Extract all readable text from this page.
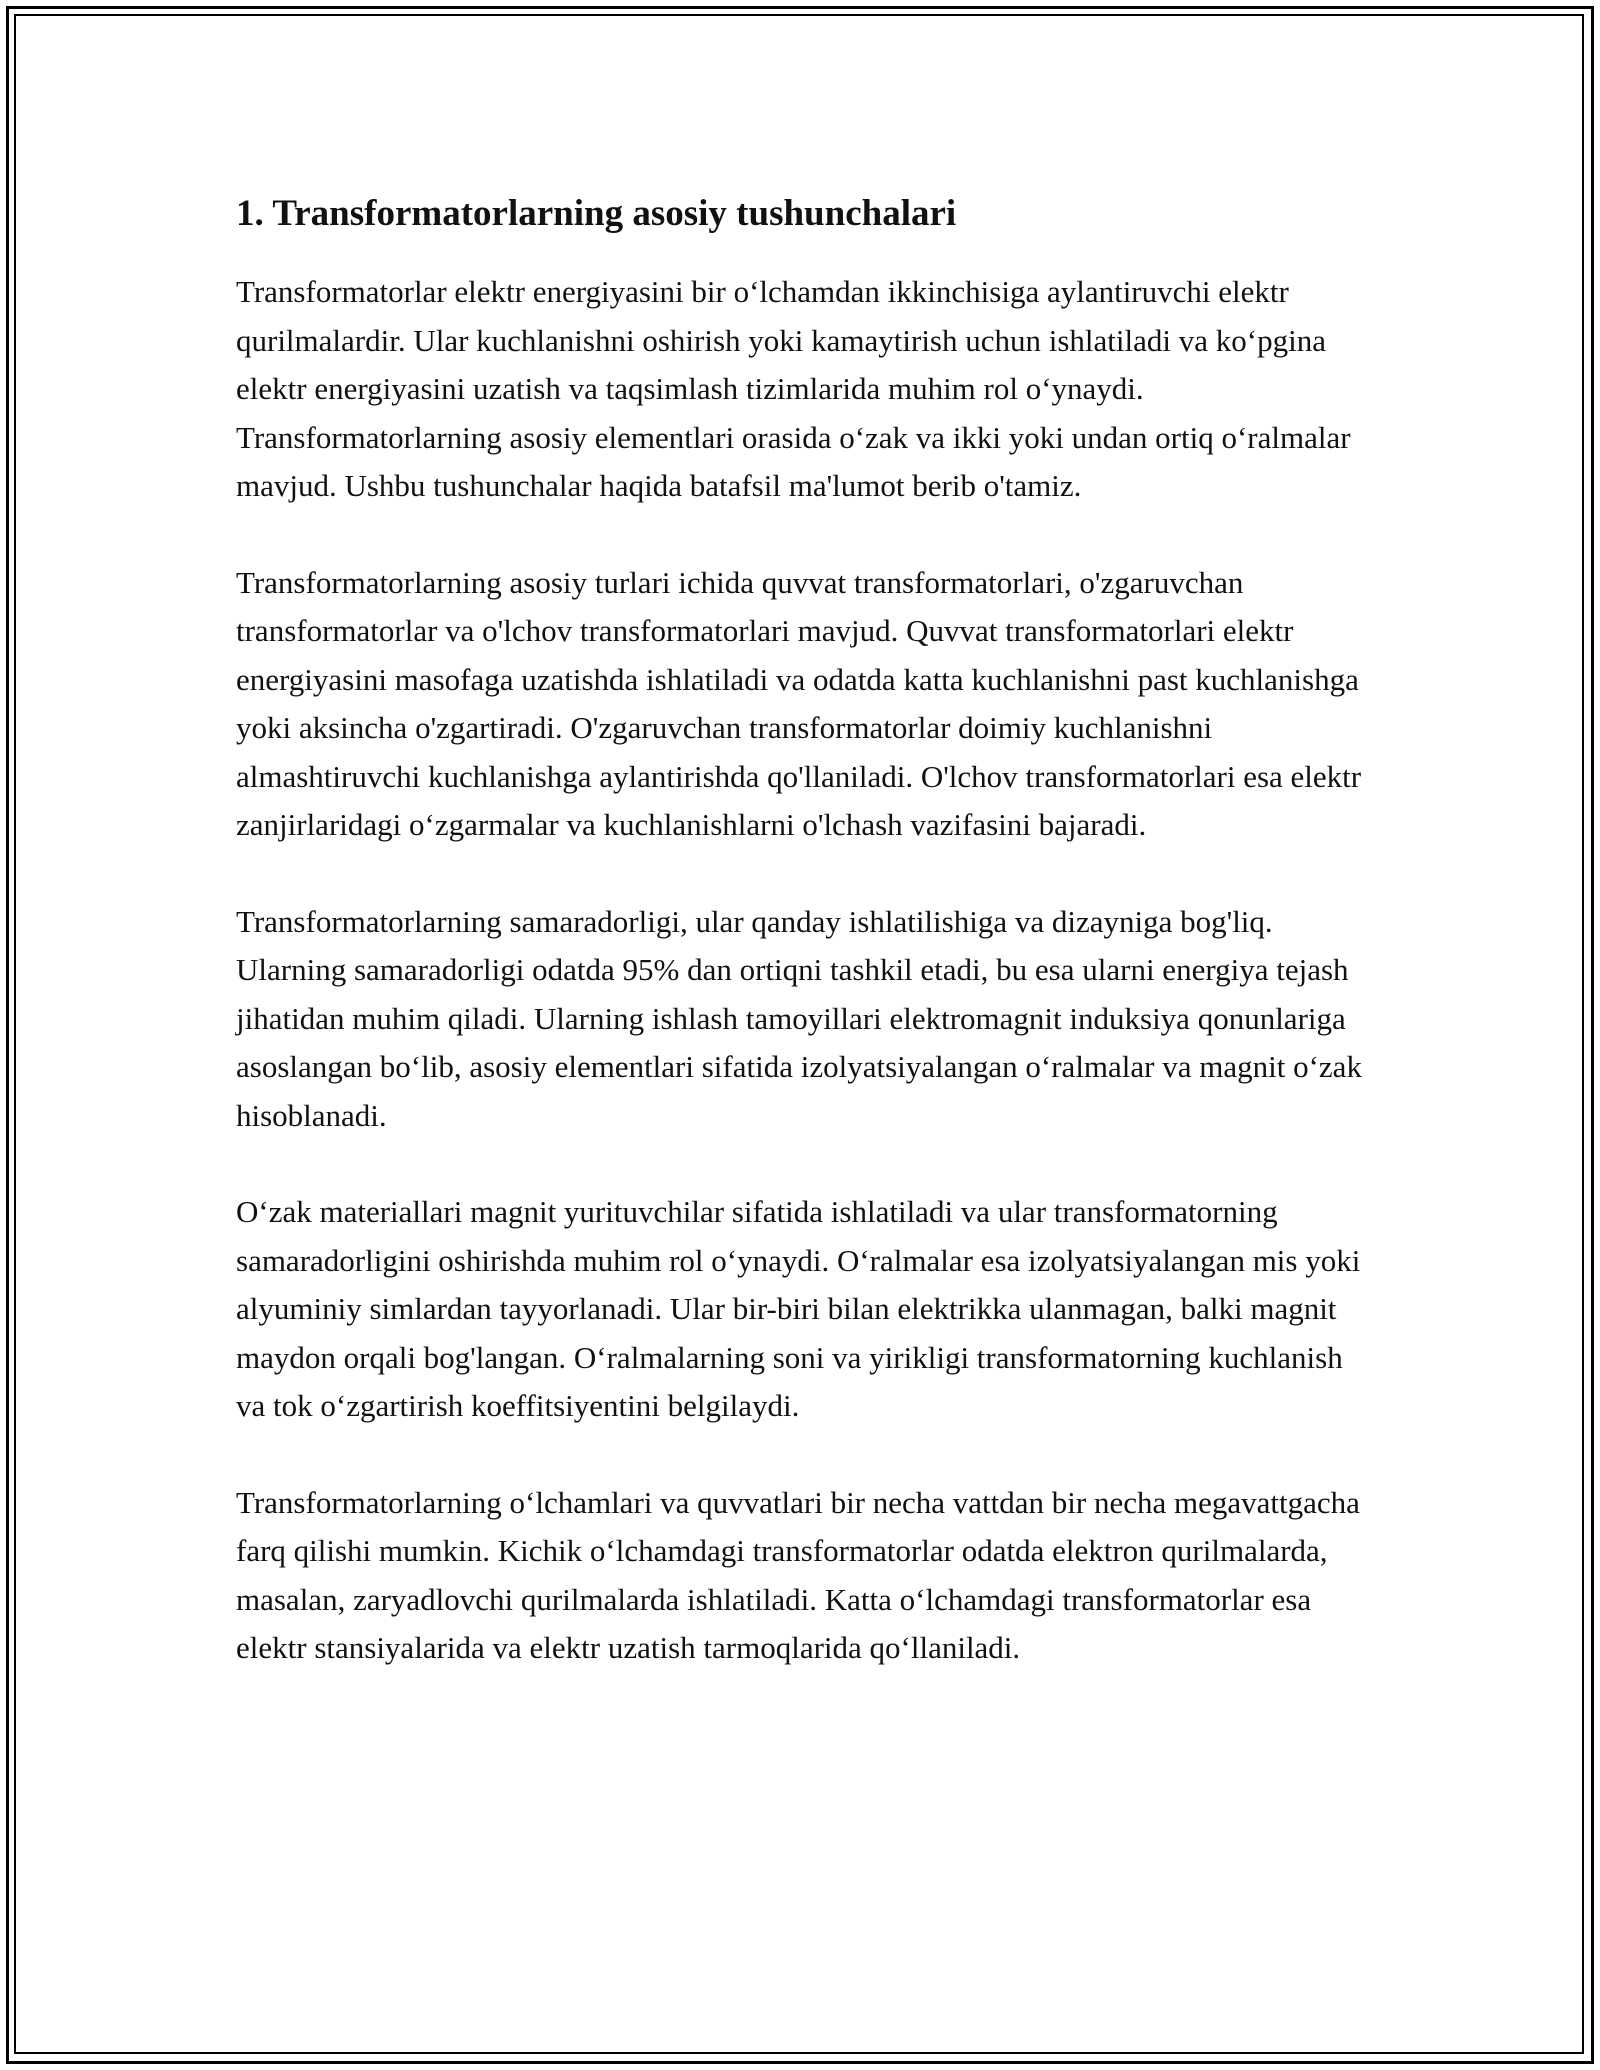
1. Transformatorlarning asosiy tushunchalari

Transformatorlar elektr energiyasini bir o‘lchamdan ikkinchisiga aylantiruvchi elektr qurilmalardir. Ular kuchlanishni oshirish yoki kamaytirish uchun ishlatiladi va ko‘pgina elektr energiyasini uzatish va taqsimlash tizimlarida muhim rol o‘ynaydi. Transformatorlarning asosiy elementlari orasida o‘zak va ikki yoki undan ortiq o‘ralmalar mavjud. Ushbu tushunchalar haqida batafsil ma'lumot berib o'tamiz.

Transformatorlarning asosiy turlari ichida quvvat transformatorlari, o'zgaruvchan transformatorlar va o'lchov transformatorlari mavjud. Quvvat transformatorlari elektr energiyasini masofaga uzatishda ishlatiladi va odatda katta kuchlanishni past kuchlanishga yoki aksincha o'zgartiradi. O'zgaruvchan transformatorlar doimiy kuchlanishni almashtiruvchi kuchlanishga aylantirishda qo'llaniladi. O'lchov transformatorlari esa elektr zanjirlaridagi o‘zgarmalar va kuchlanishlarni o'lchash vazifasini bajaradi.

Transformatorlarning samaradorligi, ular qanday ishlatilishiga va dizayniga bog'liq. Ularning samaradorligi odatda 95% dan ortiqni tashkil etadi, bu esa ularni energiya tejash jihatidan muhim qiladi. Ularning ishlash tamoyillari elektromagnit induksiya qonunlariga asoslangan bo‘lib, asosiy elementlari sifatida izolyatsiyalangan o‘ralmalar va magnit o‘zak hisoblanadi.

O‘zak materiallari magnit yurituvchilar sifatida ishlatiladi va ular transformatorning samaradorligini oshirishda muhim rol o‘ynaydi. O‘ralmalar esa izolyatsiyalangan mis yoki alyuminiy simlardan tayyorlanadi. Ular bir-biri bilan elektrikka ulanmagan, balki magnit maydon orqali bog'langan. O‘ralmalarning soni va yirikligi transformatorning kuchlanish va tok o‘zgartirish koeffitsiyentini belgilaydi.

Transformatorlarning o‘lchamlari va quvvatlari bir necha vattdan bir necha megavattgacha farq qilishi mumkin. Kichik o‘lchamdagi transformatorlar odatda elektron qurilmalarda, masalan, zaryadlovchi qurilmalarda ishlatiladi. Katta o‘lchamdagi transformatorlar esa elektr stansiyalarida va elektr uzatish tarmoqlarida qo‘llaniladi.
